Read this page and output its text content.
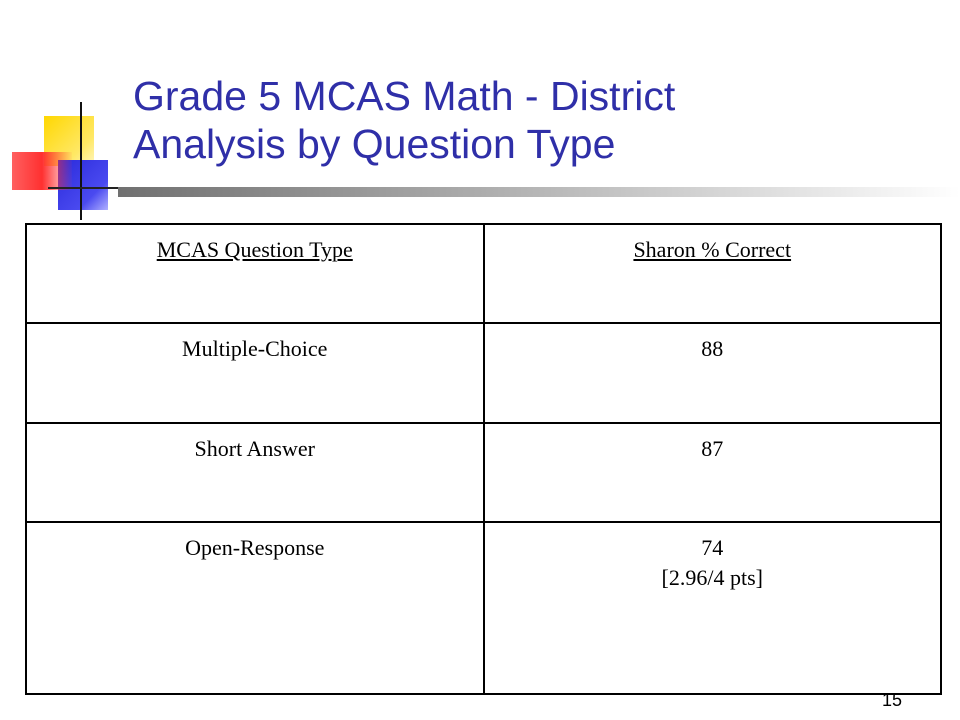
Grade 5 MCAS Math - District
Analysis by Question Type
MCAS Question Type	Sharon % Correct
Multiple-Choice	88
Short Answer	87
Open-Response	74
[2.96/4 pts]
15
